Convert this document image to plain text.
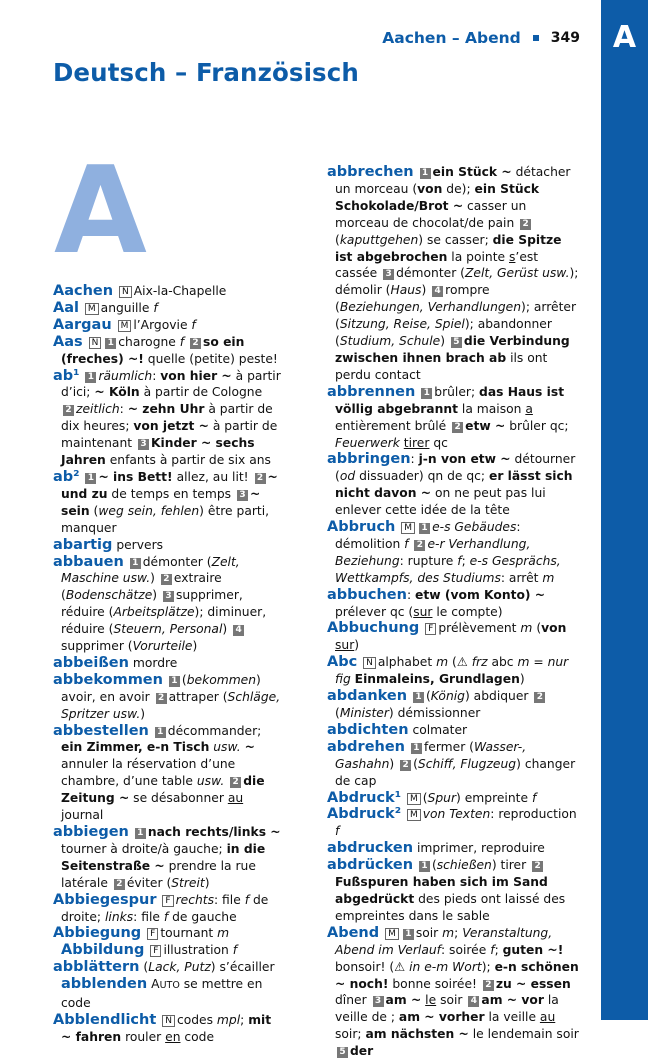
A
Aachen – Abend 349
Deutsch – Französisch
A

Aachen N Aix-la-Chapelle

Aal M anguille f

Aargau M l’Argovie f

Aas N 1 charogne f 2 so ein (freches) ~! quelle (petite) peste!

ab¹ 1 räumlich: von hier ~ à partir d’ici; ~ Köln à partir de Cologne 2 zeitlich: ~ zehn Uhr à partir de dix heures; von jetzt ~ à partir de maintenant 3 Kinder ~ sechs Jahren enfants à partir de six ans

ab² 1 ~ ins Bett! allez, au lit! 2 ~ und zu de temps en temps 3 ~ sein (weg sein, fehlen) être parti, manquer

abartig pervers

abbauen 1 démonter (Zelt, Maschine usw.) 2 extraire (Bodenschätze) 3 supprimer, réduire (Arbeitsplätze); diminuer, réduire (Steuern, Personal) 4supprimer (Vorurteile)

abbeißen mordre

abbekommen 1 (bekommen) avoir, en avoir 2 attraper (Schläge, Spritzer usw.)

abbestellen 1 décommander; ein Zimmer, e-n Tisch usw. ~ annuler la réservation d’une chambre, d’une table usw. 2 die Zeitung ~ se désabonner au journal

abbiegen 1 nach rechts/links ~ tourner à droite/à gauche; in die Seitenstraße ~ prendre la rue latérale 2 éviter (Streit)

Abbiegespur F rechts: file f de droite; links: file f de gauche

Abbiegung F tournant m Abbildung F illustration f

abblättern (Lack, Putz) s’écailler abblenden AUTO se mettre en code

Abblendlicht N codes mpl; mit ~ fahren rouler en code

abbrechen 1 ein Stück ~ détacher un morceau (von de); ein Stück Schokolade/Brot ~ casser un morceau de chocolat/de pain 2(kaputtgehen) se casser; die Spitze ist abgebrochen la pointe s’est cassée 3 démonter (Zelt, Gerüst usw.); démolir (Haus) 4 rompre (Beziehungen, Verhandlungen); arrêter (Sitzung, Reise, Spiel); abandonner (Studium, Schule) 5 die Verbindung zwischen ihnen brach ab ils ont perdu contact

abbrennen 1 brûler; das Haus ist völlig abgebrannt la maison a entièrement brûlé 2 etw ~ brûler qc; Feuerwerk tirer qc

abbringen: j-n von etw ~ détourner (od dissuader) qn de qc; er lässt sich nicht davon ~ on ne peut pas lui enlever cette idée de la tête

Abbruch M 1 e-s Gebäudes: démolition f 2 e-r Verhandlung, Beziehung: rupture f; e-s Gesprächs, Wettkampfs, des Studiums: arrêt m

abbuchen: etw (vom Konto) ~ prélever qc (sur le compte)

Abbuchung F prélèvement m (von sur)

Abc N alphabet m (⚠ frz abc m = nur fig Einmaleins, Grundlagen)

abdanken 1 (König) abdiquer 2(Minister) démissionner

abdichten colmater

abdrehen 1 fermer (Wasser-, Gashahn) 2 (Schiff, Flugzeug) changer de cap

Abdruck¹ M (Spur) empreinte f

Abdruck² M von Texten: reproduction f

abdrucken imprimer, reproduire

abdrücken 1 (schießen) tirer 2Fußspuren haben sich im Sand abgedrückt des pieds ont laissé des empreintes dans le sable

Abend M 1 soir m; Veranstaltung, Abend im Verlauf: soirée f; guten ~! bonsoir! (⚠ in e-m Wort); e-n schönen ~ noch! bonne soirée! 2 zu ~ essen dîner 3 am ~ le soir 4 am ~ vor la veille de ; am ~ vorher la veille au soir; am nächsten ~ le lendemain soir 5 der
